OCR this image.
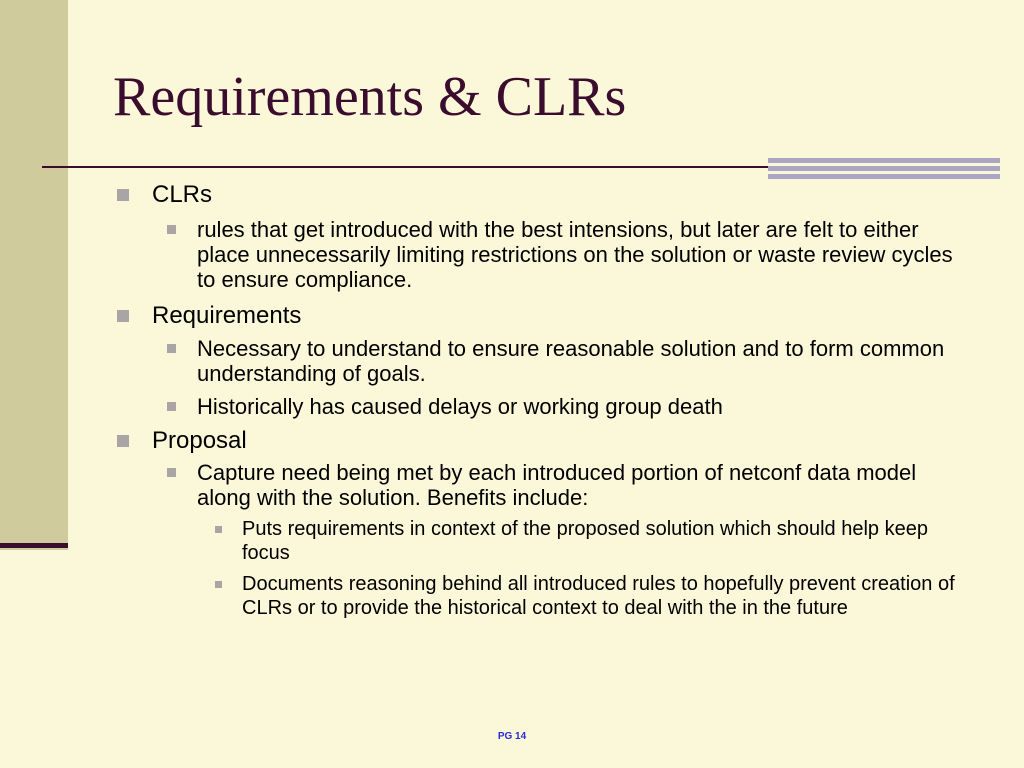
Requirements & CLRs
CLRs
rules that get introduced with the best intensions, but later are felt to either place unnecessarily limiting restrictions on the solution or waste review cycles to ensure compliance.
Requirements
Necessary to understand to ensure reasonable solution and to form common understanding of goals.
Historically has caused delays or working group death
Proposal
Capture need being met by each introduced portion of netconf data model along with the solution. Benefits include:
Puts requirements in context of the proposed solution which should help keep focus
Documents reasoning behind all introduced rules to hopefully prevent creation of CLRs or to provide the historical context to deal with the in the future
PG 14
